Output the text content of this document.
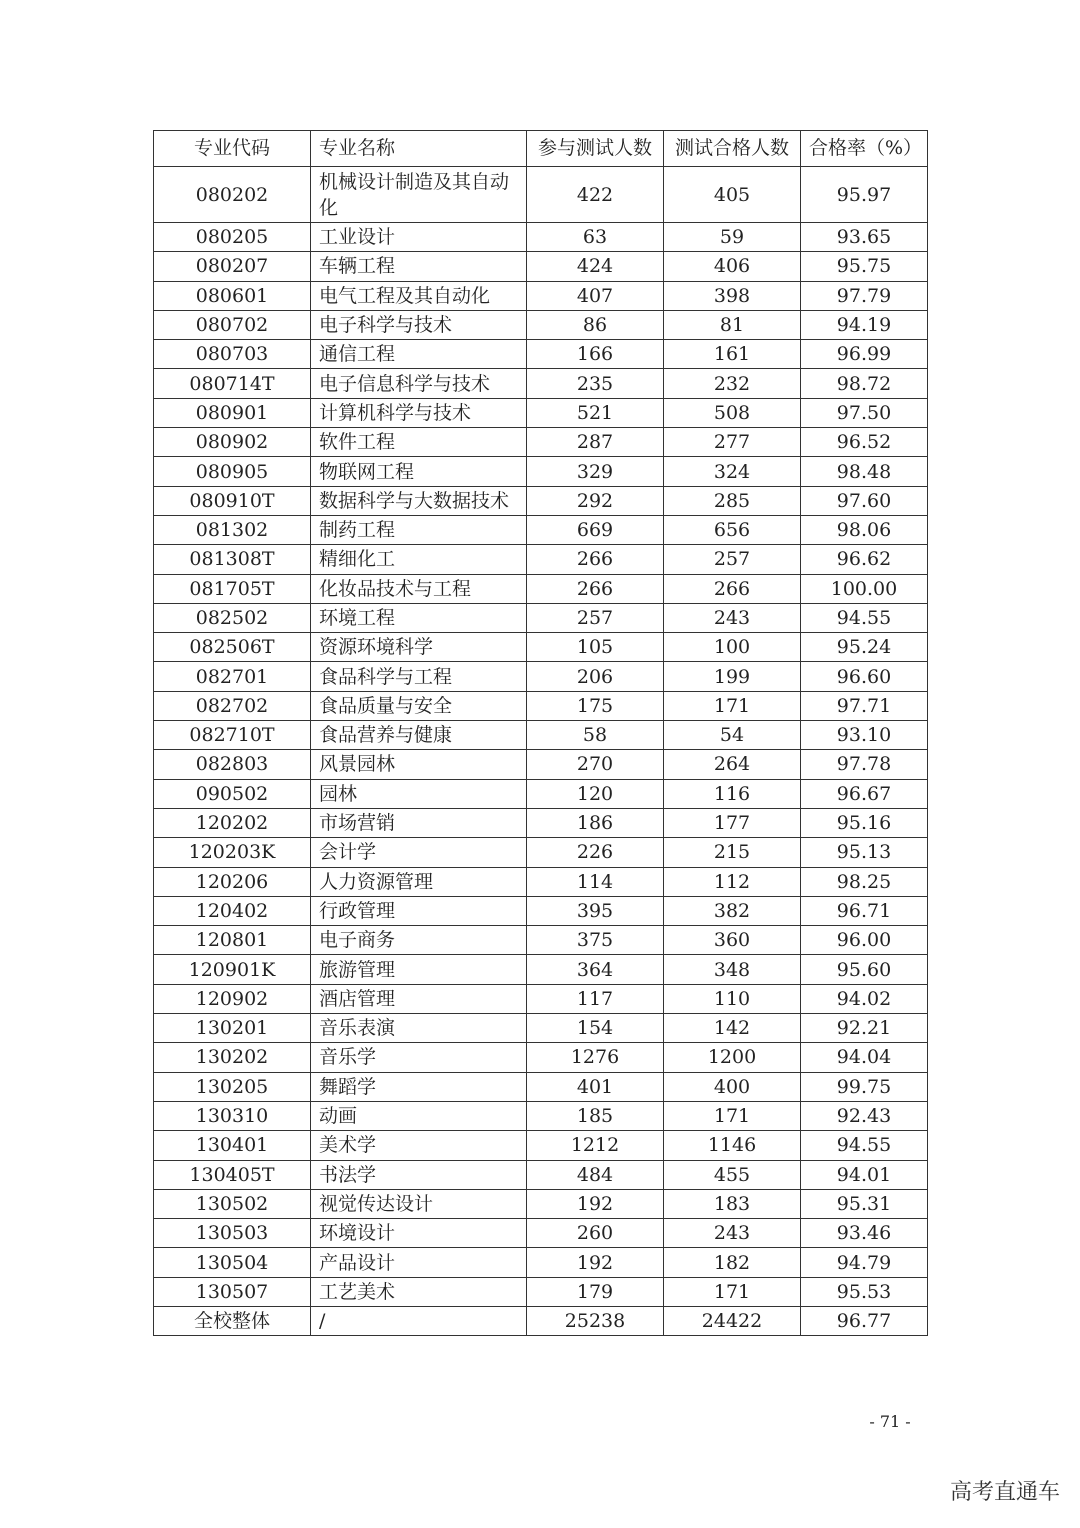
专业代码	专业名称	参与测试人数	测试合格人数	合格率（%）
080202	机械设计制造及其自动化	422	405	95.97
080205	工业设计	63	59	93.65
080207	车辆工程	424	406	95.75
080601	电气工程及其自动化	407	398	97.79
080702	电子科学与技术	86	81	94.19
080703	通信工程	166	161	96.99
080714T	电子信息科学与技术	235	232	98.72
080901	计算机科学与技术	521	508	97.50
080902	软件工程	287	277	96.52
080905	物联网工程	329	324	98.48
080910T	数据科学与大数据技术	292	285	97.60
081302	制药工程	669	656	98.06
081308T	精细化工	266	257	96.62
081705T	化妆品技术与工程	266	266	100.00
082502	环境工程	257	243	94.55
082506T	资源环境科学	105	100	95.24
082701	食品科学与工程	206	199	96.60
082702	食品质量与安全	175	171	97.71
082710T	食品营养与健康	58	54	93.10
082803	风景园林	270	264	97.78
090502	园林	120	116	96.67
120202	市场营销	186	177	95.16
120203K	会计学	226	215	95.13
120206	人力资源管理	114	112	98.25
120402	行政管理	395	382	96.71
120801	电子商务	375	360	96.00
120901K	旅游管理	364	348	95.60
120902	酒店管理	117	110	94.02
130201	音乐表演	154	142	92.21
130202	音乐学	1276	1200	94.04
130205	舞蹈学	401	400	99.75
130310	动画	185	171	92.43
130401	美术学	1212	1146	94.55
130405T	书法学	484	455	94.01
130502	视觉传达设计	192	183	95.31
130503	环境设计	260	243	93.46
130504	产品设计	192	182	94.79
130507	工艺美术	179	171	95.53
全校整体	/	25238	24422	96.77
- 71 -
高考直通车
